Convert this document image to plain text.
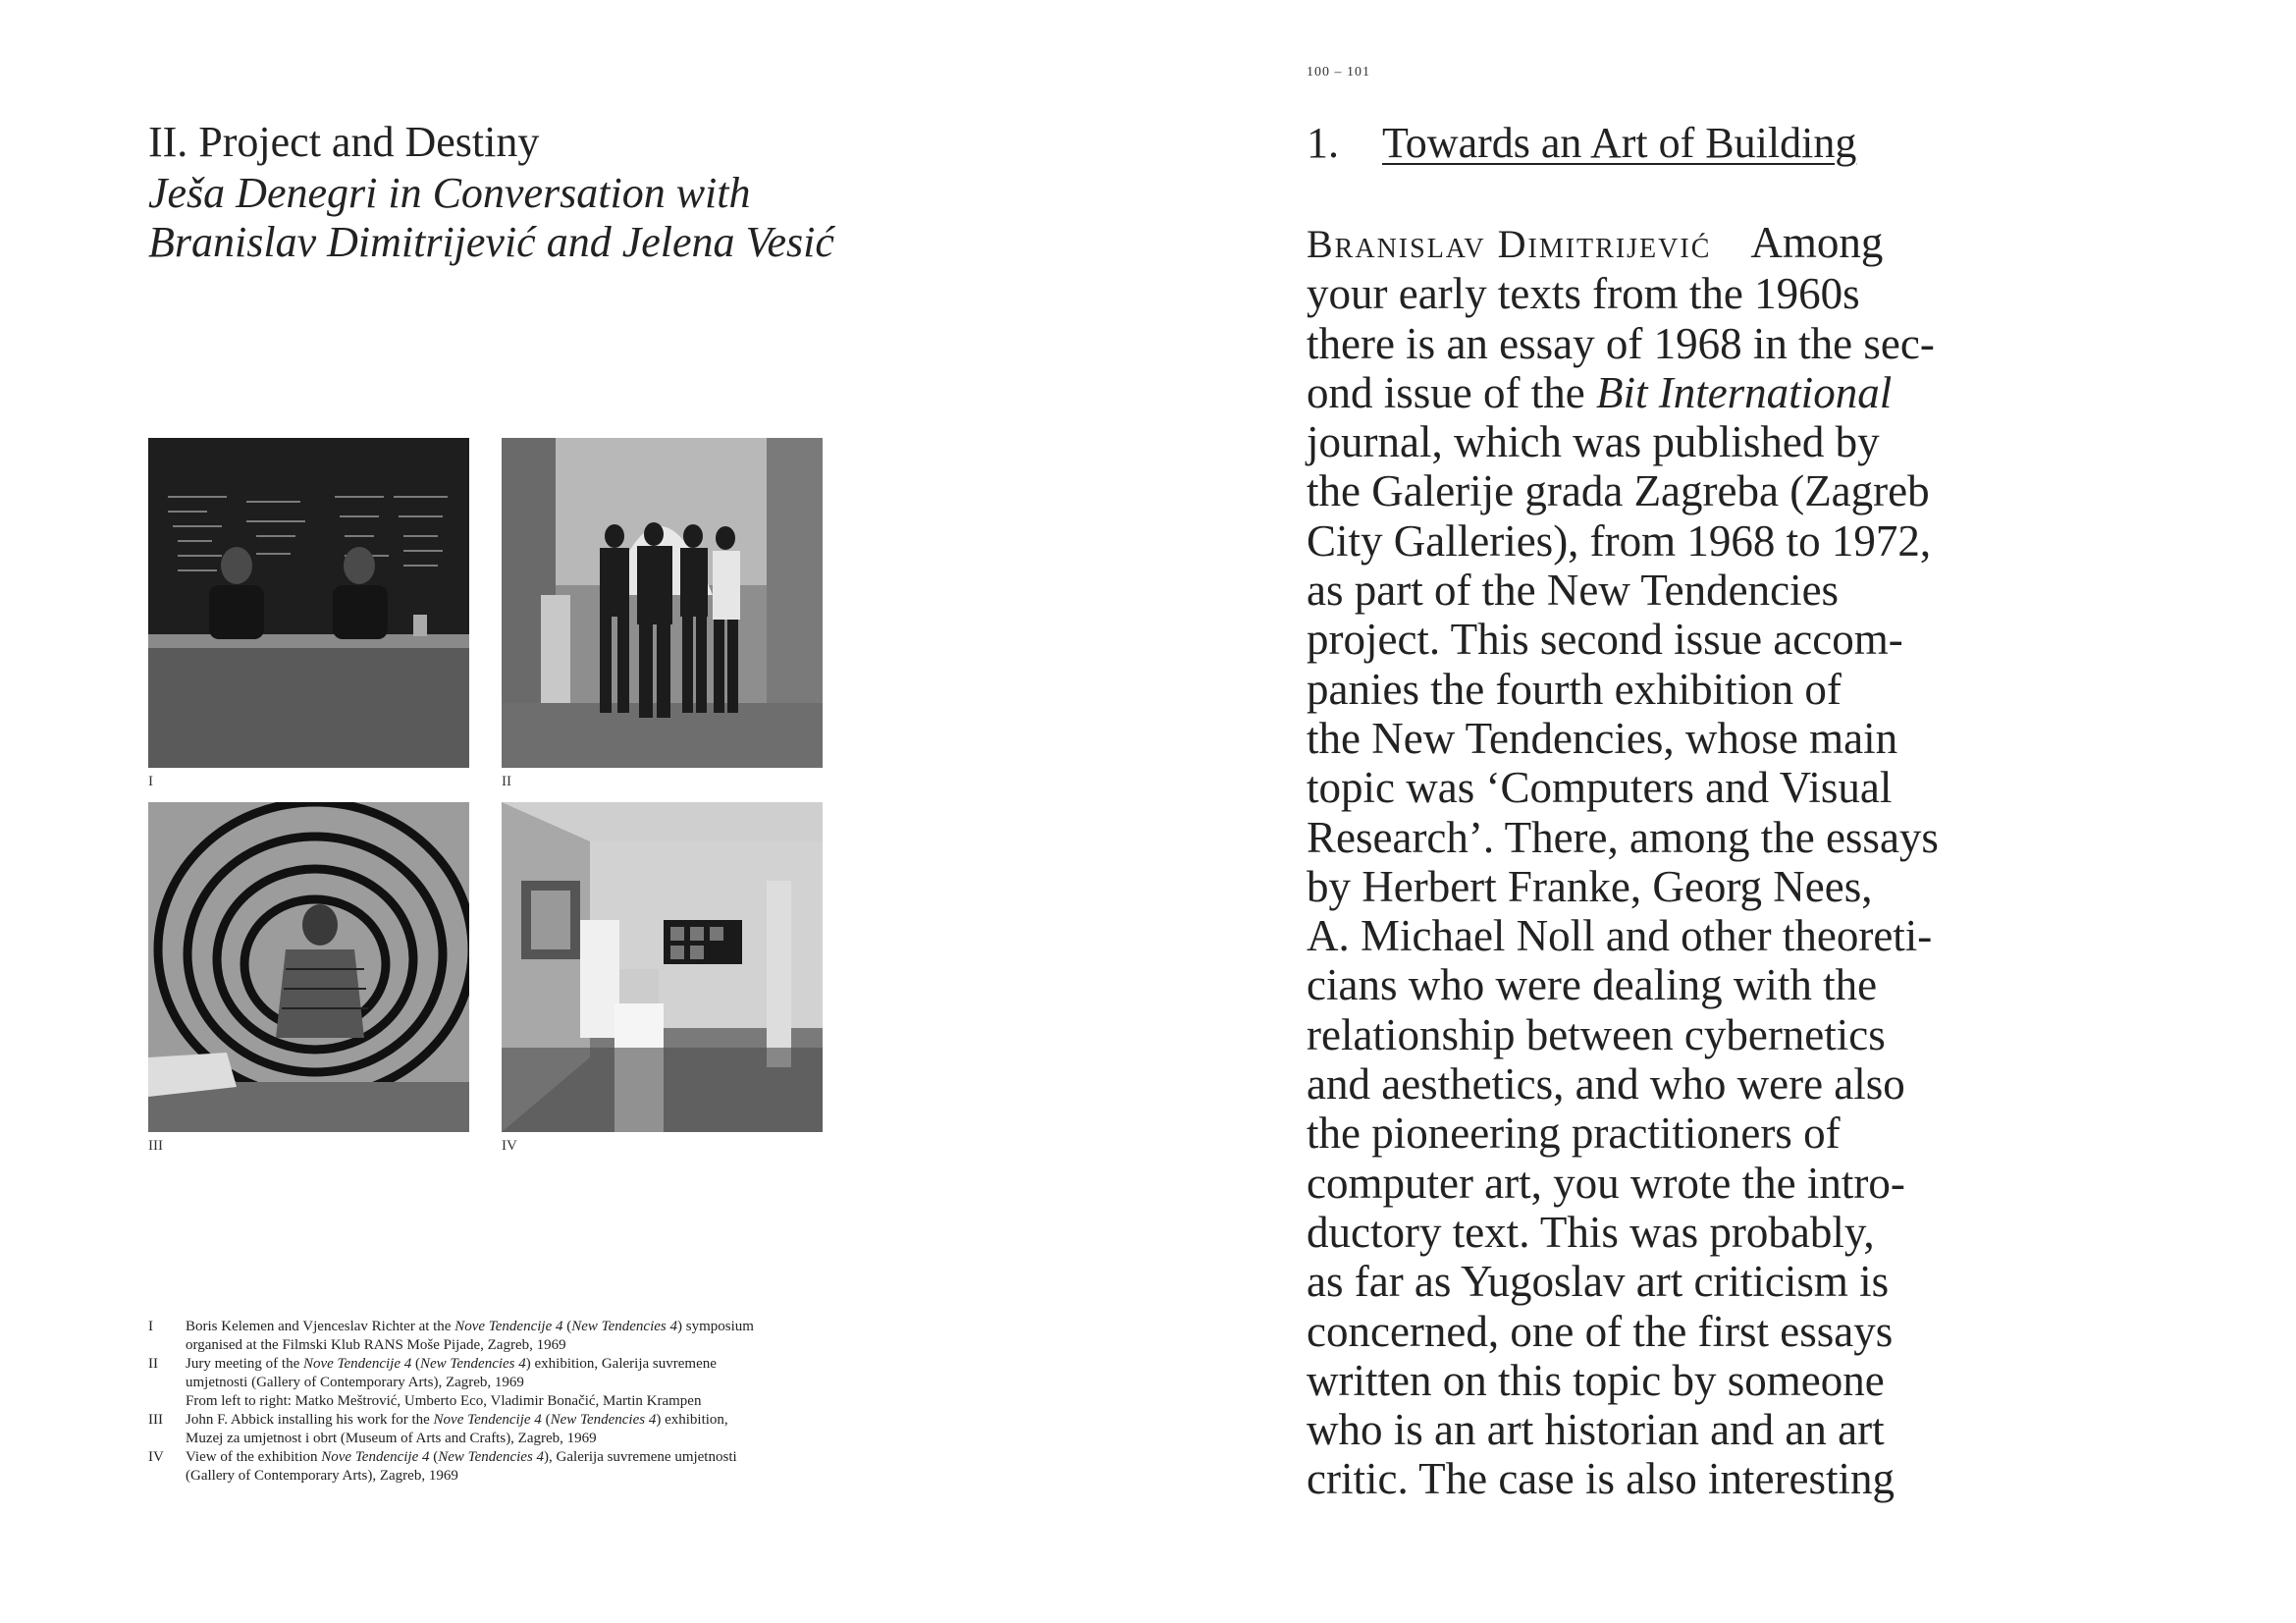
II. Project and Destiny
Ješa Denegri in Conversation with
Branislav Dimitrijević and Jelena Vesić
I	II
III	IV
I	Boris Kelemen and Vjenceslav Richter at the Nove Tendencije 4 (New Tendencies 4) symposium
organised at the Filmski Klub RANS Moše Pijade, Zagreb, 1969
II	Jury meeting of the Nove Tendencije 4 (New Tendencies 4) exhibition, Galerija suvremene
umjetnosti (Gallery of Contemporary Arts), Zagreb, 1969
From left to right: Matko Meštrović, Umberto Eco, Vladimir Bonačić, Martin Krampen
III	John F. Abbick installing his work for the Nove Tendencije 4 (New Tendencies 4) exhibition,
Muzej za umjetnost i obrt (Museum of Arts and Crafts), Zagreb, 1969
IV	View of the exhibition Nove Tendencije 4 (New Tendencies 4), Galerija suvremene umjetnosti
(Gallery of Contemporary Arts), Zagreb, 1969
100 – 101
1. Towards an Art of Building
Branislav Dimitrijević Among
your early texts from the 1960s
there is an essay of 1968 in the sec-
ond issue of the Bit International
journal, which was published by
the Galerije grada Zagreba (Zagreb
City Galleries), from 1968 to 1972,
as part of the New Tendencies
project. This second issue accom-
panies the fourth exhibition of
the New Tendencies, whose main
topic was ‘Computers and Visual
Research’. There, among the essays
by Herbert Franke, Georg Nees,
A. Michael Noll and other theoreti-
cians who were dealing with the
relationship between cybernetics
and aesthetics, and who were also
the pioneering practitioners of
computer art, you wrote the intro-
ductory text. This was probably,
as far as Yugoslav art criticism is
concerned, one of the first essays
written on this topic by someone
who is an art historian and an art
critic. The case is also interesting
